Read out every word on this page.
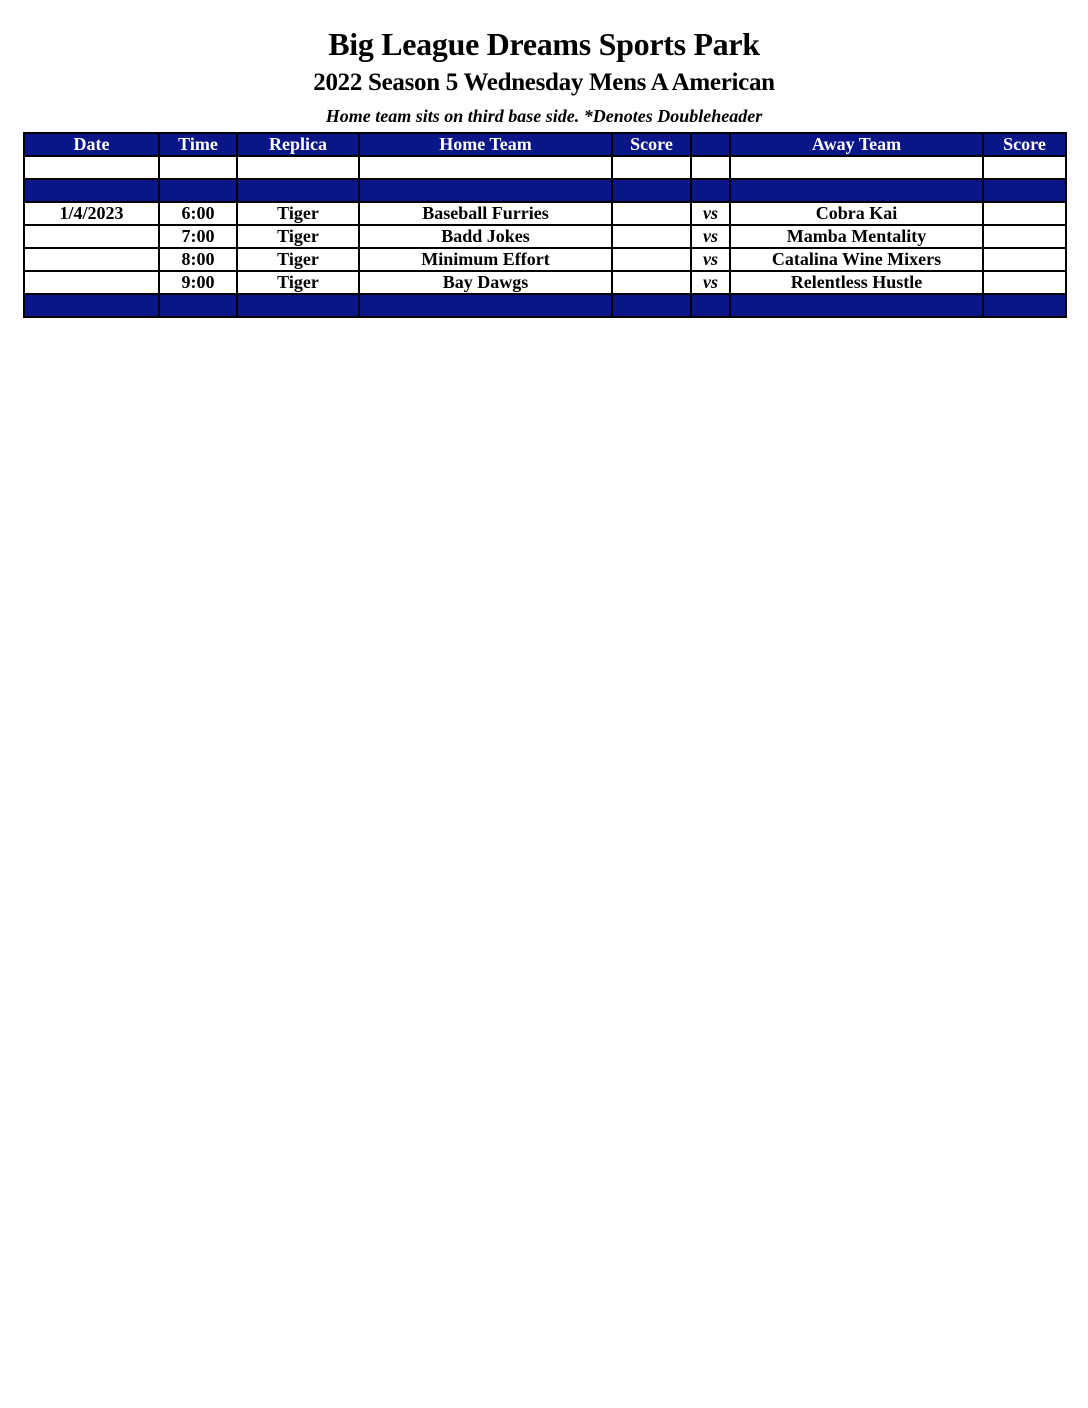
Big League Dreams Sports Park
2022 Season 5 Wednesday Mens A American
Home team sits on third base side. *Denotes Doubleheader
Date	Time	Replica	Home Team	Score		Away Team	Score

1/4/2023	6:00	Tiger	Baseball Furries		vs	Cobra Kai	
	7:00	Tiger	Badd Jokes		vs	Mamba Mentality	
	8:00	Tiger	Minimum Effort		vs	Catalina Wine Mixers	
	9:00	Tiger	Bay Dawgs		vs	Relentless Hustle	
